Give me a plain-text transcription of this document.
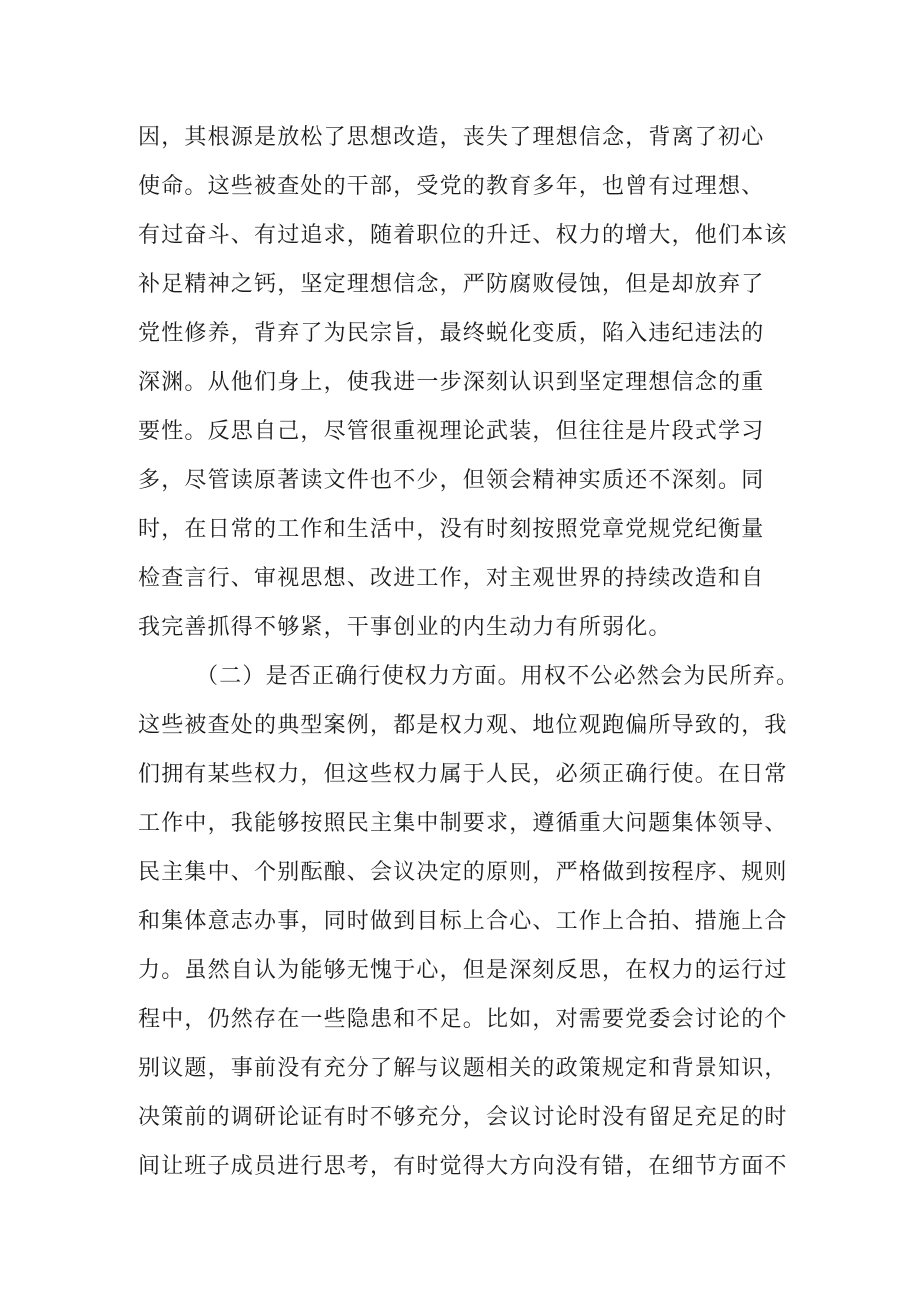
因，其根源是放松了思想改造，丧失了理想信念，背离了初心
使命。这些被查处的干部，受党的教育多年，也曾有过理想、
有过奋斗、有过追求，随着职位的升迁、权力的增大，他们本该
补足精神之钙，坚定理想信念，严防腐败侵蚀，但是却放弃了
党性修养，背弃了为民宗旨，最终蜕化变质，陷入违纪违法的
深渊。从他们身上，使我进一步深刻认识到坚定理想信念的重
要性。反思自己，尽管很重视理论武装，但往往是片段式学习
多，尽管读原著读文件也不少，但领会精神实质还不深刻。同
时，在日常的工作和生活中，没有时刻按照党章党规党纪衡量
检查言行、审视思想、改进工作，对主观世界的持续改造和自
我完善抓得不够紧，干事创业的内生动力有所弱化。
（二）是否正确行使权力方面。用权不公必然会为民所弃。
这些被查处的典型案例，都是权力观、地位观跑偏所导致的，我
们拥有某些权力，但这些权力属于人民，必须正确行使。在日常
工作中，我能够按照民主集中制要求，遵循重大问题集体领导、
民主集中、个别酝酿、会议决定的原则，严格做到按程序、规则
和集体意志办事，同时做到目标上合心、工作上合拍、措施上合
力。虽然自认为能够无愧于心，但是深刻反思，在权力的运行过
程中，仍然存在一些隐患和不足。比如，对需要党委会讨论的个
别议题，事前没有充分了解与议题相关的政策规定和背景知识，
决策前的调研论证有时不够充分，会议讨论时没有留足充足的时
间让班子成员进行思考，有时觉得大方向没有错，在细节方面不
